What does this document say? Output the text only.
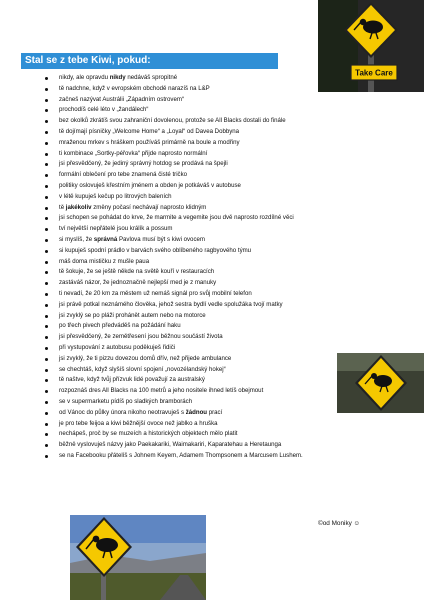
Stal se z tebe Kiwi, pokud:
nikdy, ale opravdu nikdy nedáváš spropitné
tě nadchne, když v evropském obchodě narazíš na L&P
začneš nazývat Austrálii „Západním ostrovem“
prochodíš celé léto v „žandálech“
bez okolků zkrátíš svou zahraniční dovolenou, protože se All Blacks dostali do finále
tě dojímají písničky „Welcome Home“ a „Loyal“ od Davea Dobbyna
mraženou mrkev s hráškem používáš primárně na boule a modřiny
ti kombinace „Sortky-péřovka“ přijde naprosto normální
jsi přesvědčený, že jediný správný hotdog se prodává na špejli
formální oblečení pro tebe znamená čisté tričko
politiky oslovuješ křestním jménem a obden je potkáváš v autobuse
v létě kupuješ kečup po litrových baleních
tě jakékoliv změny počasí nechávají naprosto klidným
jsi schopen se pohádat do krve, že marmite a vegemite jsou dvě naprosto rozdílné věci
tví největší nepřátelé jsou králík a possum
si myslíš, že správná Pavlova musí být s kiwi ovocem
si kupuješ spodní prádlo v barvách svého oblíbeného ragbyového týmu
máš doma mističku z mušle paua
tě šokuje, že se ještě někde na světě kouří v restauracích
zastáváš názor, že jednoznačně nejlepší med je z manuky
ti nevadí, že 20 km za městem už nemáš signál pro svůj mobilní telefon
jsi právě potkal neznámého člověka, jehož sestra bydlí vedle spolužáka tvojí matky
jsi zvyklý se po pláži prohánět autem nebo na motorce
po třech pivech předváděš na požádání haku
jsi přesvědčený, že zemětřesení jsou běžnou součástí života
při vystupování z autobusu poděkuješ řidiči
jsi zvyklý, že ti pizzu dovezou domů dřív, než přijede ambulance
se chechtáš, když slyšíš slovní spojení „novozélandský hokej“
tě naštve, když tvůj přízvuk lidé považují za australský
rozpoznáš dres All Blacks na 100 metrů a jeho nositele ihned letíš obejmout
se v supermarketu pídíš po sladkých bramborách
od Vánoc do půlky února nikoho neotravuješ s žádnou prací
je pro tebe feijoa a kiwi běžnější ovoce než jablko a hruška
nechápeš, proč by se muzeích a historických objektech mělo platit
běžně vyslovuješ názvy jako Paekakariki, Waimakariri, Kaparatehau a Heretaunga
se na Facebooku přátelíš s Johnem Keyem, Adamem Thompsonem a Marcusem Lushem.
Take Care
©od Moniky ☺
